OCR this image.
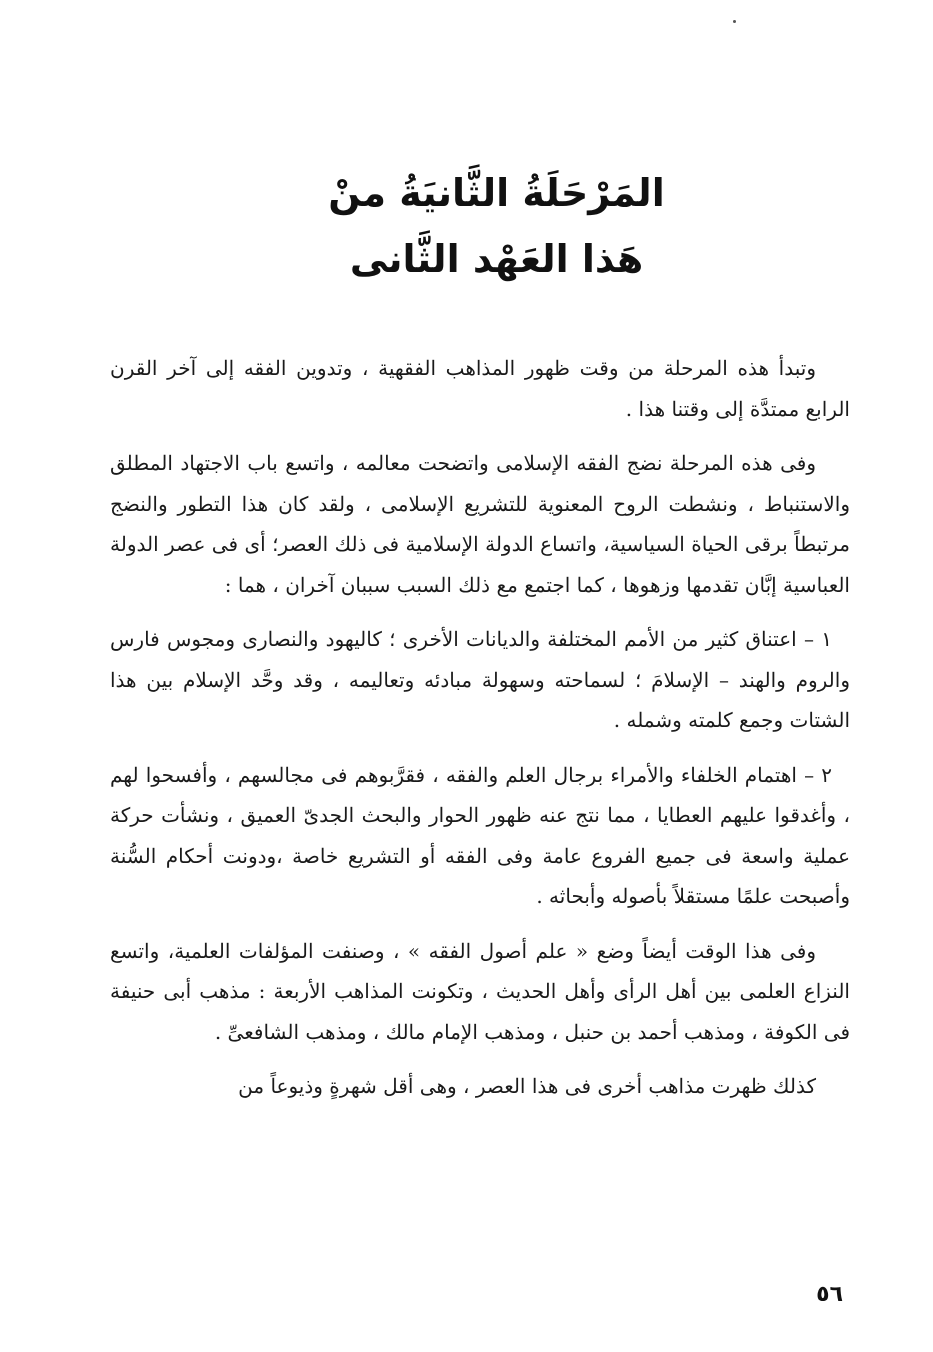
المَرْحَلَةُ الثَّانيَةُ منْ
هَذا العَهْد الثَّانى

وتبدأ هذه المرحلة من وقت ظهور المذاهب الفقهية ، وتدوين الفقه إلى آخر القرن الرابع ممتدَّة إلى وقتنا هذا .

وفى هذه المرحلة نضج الفقه الإسلامى واتضحت معالمه ، واتسع باب الاجتهاد المطلق والاستنباط ، ونشطت الروح المعنوية للتشريع الإسلامى ، ولقد كان هذا التطور والنضج مرتبطاً برقى الحياة السياسية، واتساع الدولة الإسلامية فى ذلك العصر؛ أى فى عصر الدولة العباسية إبَّان تقدمها وزهوها ، كما اجتمع مع ذلك السبب سببان آخران ، هما :

١ – اعتناق كثير من الأمم المختلفة والديانات الأخرى ؛ كاليهود والنصارى ومجوس فارس والروم والهند – الإسلامَ ؛ لسماحته وسهولة مبادئه وتعاليمه ، وقد وحَّد الإسلام بين هذا الشتات وجمع كلمته وشمله .

٢ – اهتمام الخلفاء والأمراء برجال العلم والفقه ، فقرَّبوهم فى مجالسهم ، وأفسحوا لهم ، وأغدقوا عليهم العطايا ، مما نتج عنه ظهور الحوار والبحث الجدىّ العميق ، ونشأت حركة عملية واسعة فى جميع الفروع عامة وفى الفقه أو التشريع خاصة ،ودونت أحكام السُّنة وأصبحت علمًا مستقلاً بأصوله وأبحاثه .

وفى هذا الوقت أيضاً وضع « علم أصول الفقه » ، وصنفت المؤلفات العلمية، واتسع النزاع العلمى بين أهل الرأى وأهل الحديث ، وتكونت المذاهب الأربعة : مذهب أبى حنيفة فى الكوفة ، ومذهب أحمد بن حنبل ، ومذهب الإمام مالك ، ومذهب الشافعىِّ .

كذلك ظهرت مذاهب أخرى فى هذا العصر ، وهى أقل شهرةٍ وذيوعاً من

٥٦
